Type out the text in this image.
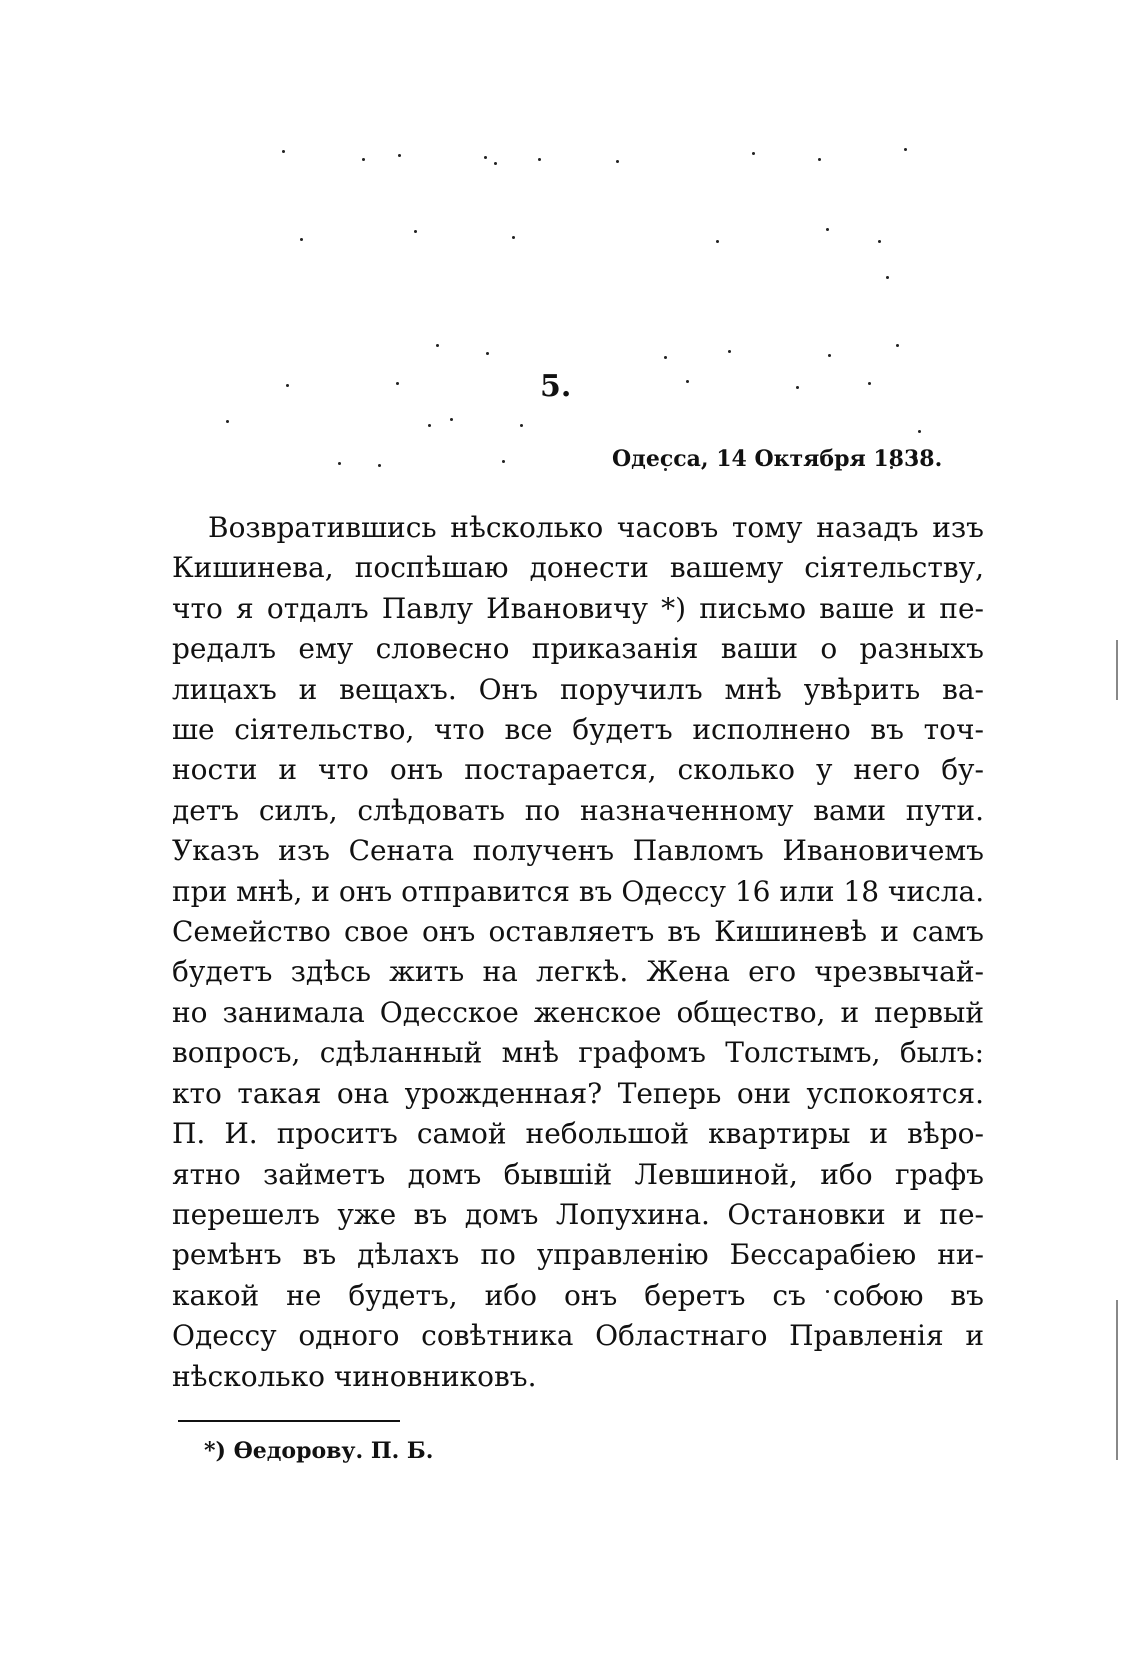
5.
Одесса, 14 Октября 1838.
Возвратившись нѣсколько часовъ тому назадъ изъ
Кишинева, поспѣшаю донести вашему сіятельству,
что я отдалъ Павлу Ивановичу *) письмо ваше и пе-
редалъ ему словесно приказанія ваши о разныхъ
лицахъ и вещахъ. Онъ поручилъ мнѣ увѣрить ва-
ше сіятельство, что все будетъ исполнено въ точ-
ности и что онъ постарается, сколько у него бу-
детъ силъ, слѣдовать по назначенному вами пути.
Указъ изъ Сената полученъ Павломъ Ивановичемъ
при мнѣ, и онъ отправится въ Одессу 16 или 18 числа.
Семейство свое онъ оставляетъ въ Кишиневѣ и самъ
будетъ здѣсь жить на легкѣ. Жена его чрезвычай-
но занимала Одесское женское общество, и первый
вопросъ, сдѣланный мнѣ графомъ Толстымъ, былъ:
кто такая она урожденная? Теперь они успокоятся.
П. И. проситъ самой небольшой квартиры и вѣро-
ятно займетъ домъ бывшій Левшиной, ибо графъ
перешелъ уже въ домъ Лопухина. Остановки и пе-
ремѣнъ въ дѣлахъ по управленію Бессарабіею ни-
какой не будетъ, ибо онъ беретъ съ собою въ
Одессу одного совѣтника Областнаго Правленія и
нѣсколько чиновниковъ.
*) Ѳедорову. П. Б.
